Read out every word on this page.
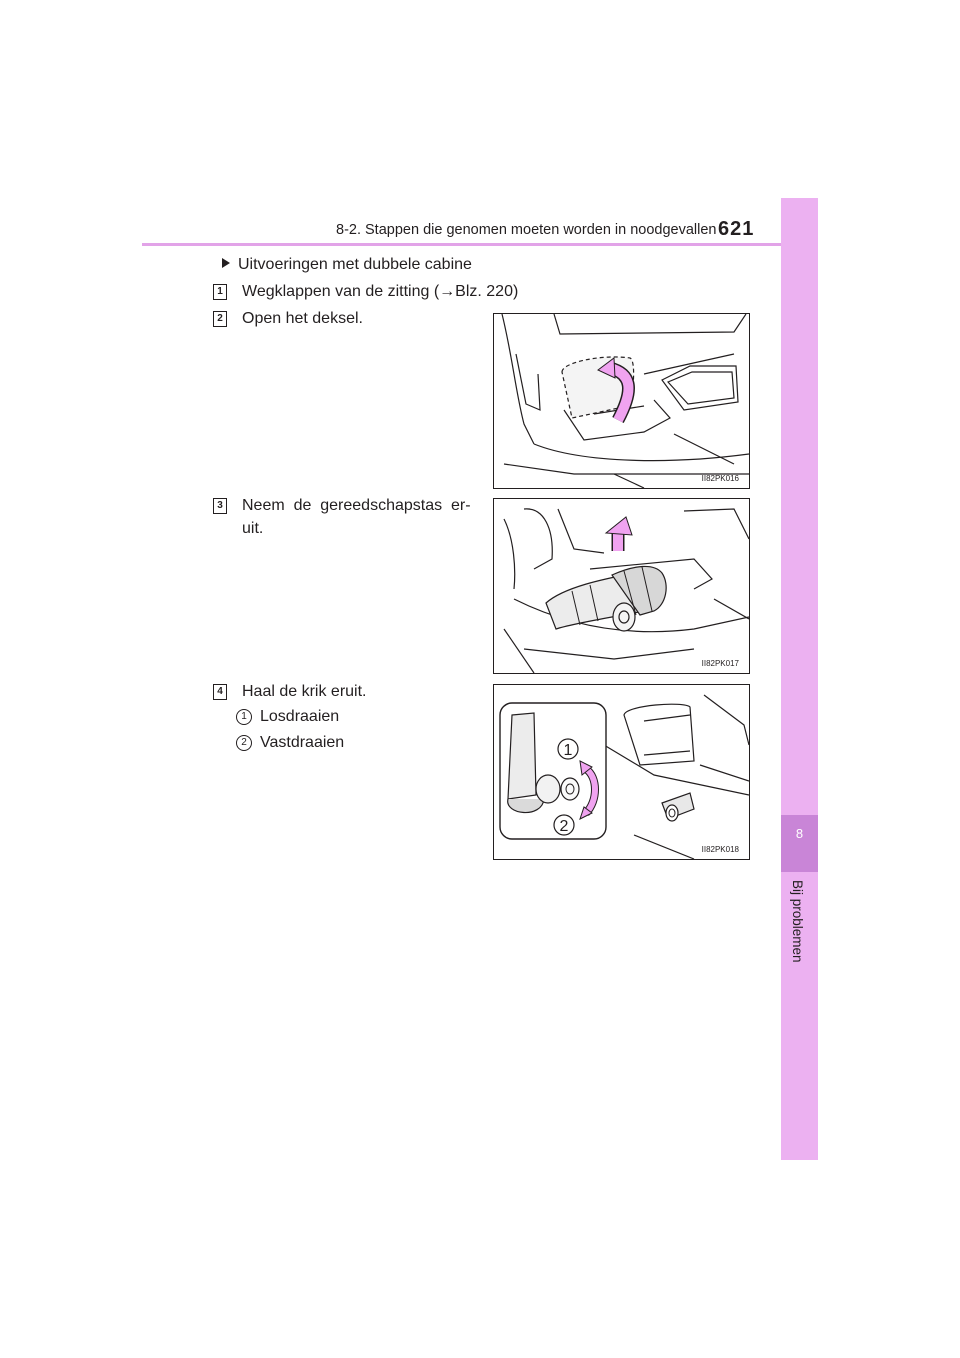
8-2. Stappen die genomen moeten worden in noodgevallen 621
8
Bij problemen
Uitvoeringen met dubbele cabine
1 Wegklappen van de zitting (→Blz. 220)
2 Open het deksel.
II82PK016
3 Neem  de  gereedschapstas  er-
uit.
II82PK017
4 Haal de krik eruit.
1 Losdraaien
2 Vastdraaien	1
2
II82PK018
